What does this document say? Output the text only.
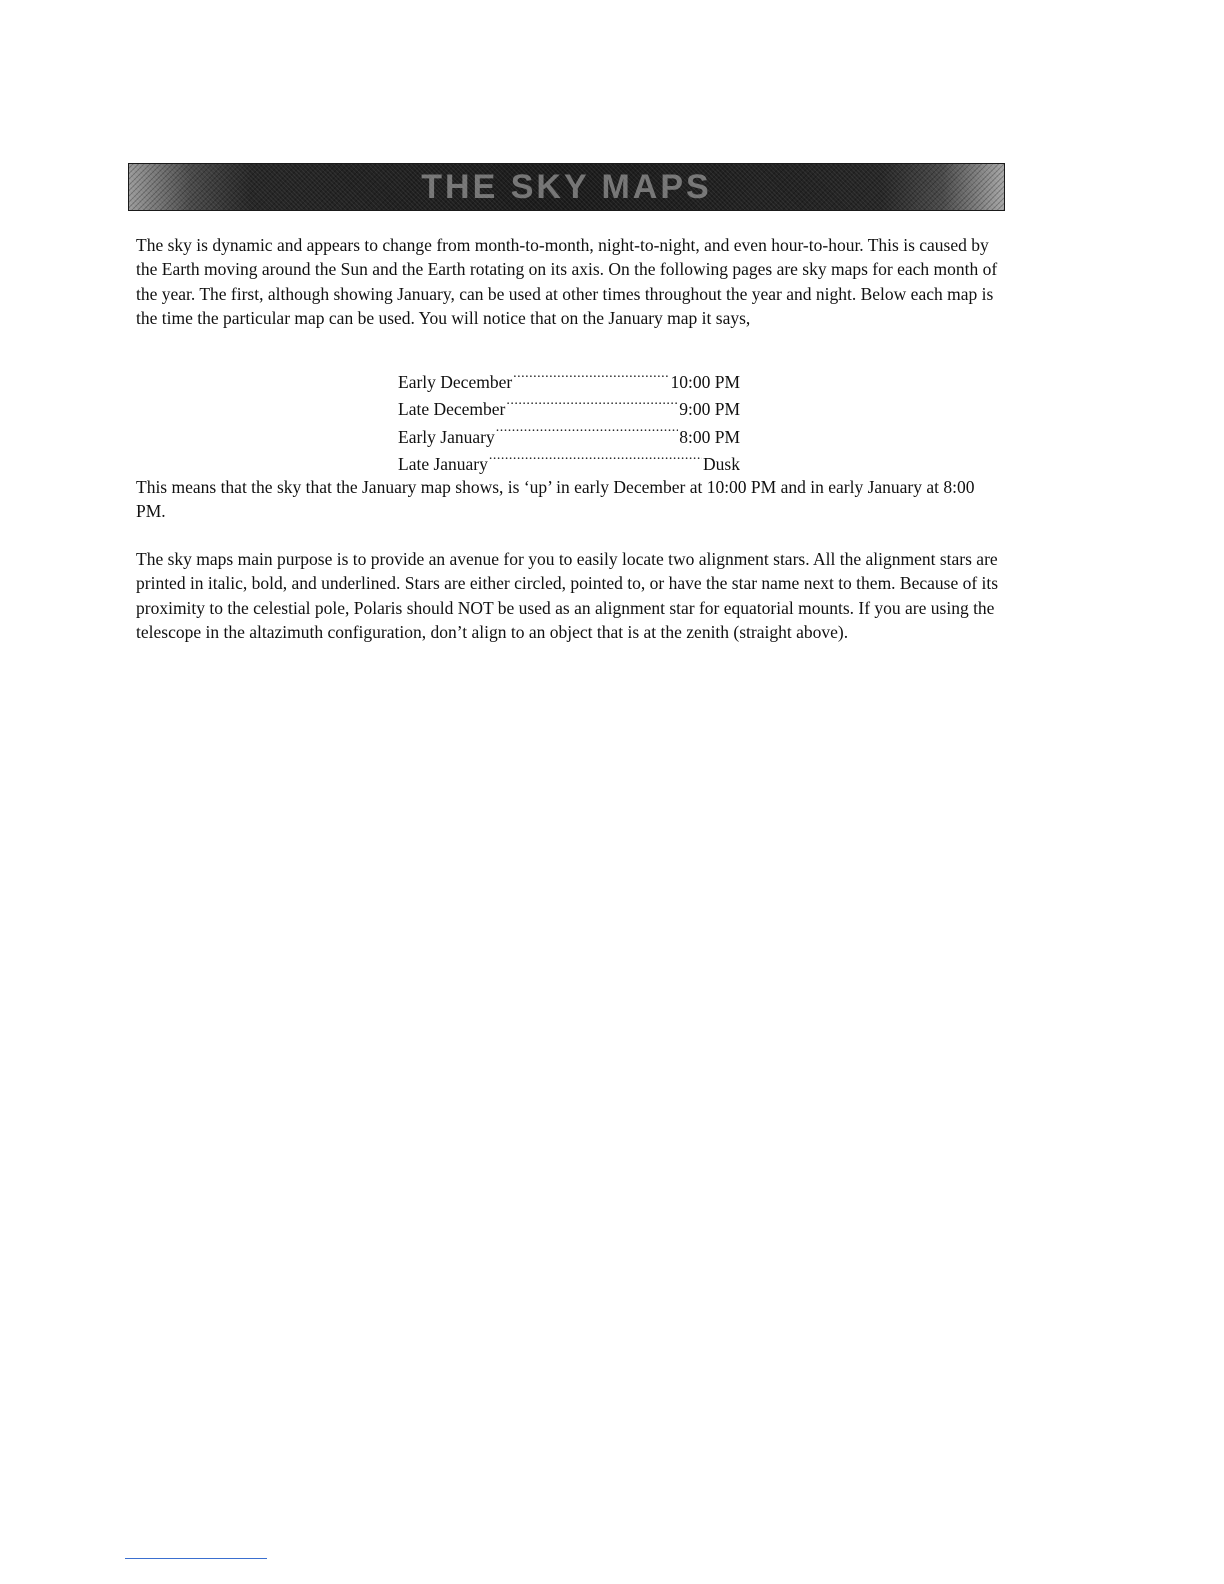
THE SKY MAPS

The sky is dynamic and appears to change from month-to-month, night-to-night, and even hour-to-hour. This is caused by the Earth moving around the Sun and the Earth rotating on its axis. On the following pages are sky maps for each month of the year. The first, although showing January, can be used at other times throughout the year and night. Below each map is the time the particular map can be used. You will notice that on the January map it says,

Early December .....	10:00 PM
Late December .....	9:00 PM
Early January .....	8:00 PM
Late January .....	Dusk

This means that the sky that the January map shows, is ‘up’ in early December at 10:00 PM and in early January at 8:00 PM.

The sky maps main purpose is to provide an avenue for you to easily locate two alignment stars. All the alignment stars are printed in italic, bold, and underlined. Stars are either circled, pointed to, or have the star name next to them. Because of its proximity to the celestial pole, Polaris should NOT be used as an alignment star for equatorial mounts. If you are using the telescope in the altazimuth configuration, don’t align to an object that is at the zenith (straight above).
